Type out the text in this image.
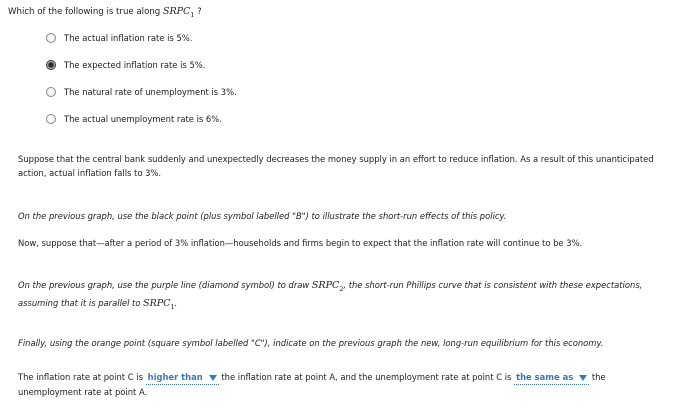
Which of the following is true along $SRPC_1$ ?
The actual inflation rate is 5%.
The expected inflation rate is 5%.
The natural rate of unemployment is 3%.
The actual unemployment rate is 6%.
Suppose that the central bank suddenly and unexpectedly decreases the money supply in an effort to reduce inflation. As a result of this unanticipated
action, actual inflation falls to 3%.
On the previous graph, use the black point (plus symbol labelled "B") to illustrate the short-run effects of this policy.
Now, suppose that—after a period of 3% inflation—households and firms begin to expect that the inflation rate will continue to be 3%.
On the previous graph, use the purple line (diamond symbol) to draw $SRPC_2$, the short-run Phillips curve that is consistent with these expectations,
assuming that it is parallel to $SRPC_1$.
Finally, using the orange point (square symbol labelled "C"), indicate on the previous graph the new, long-run equilibrium for this economy.
The inflation rate at point C is higher than the inflation rate at point A, and the unemployment rate at point C is the same as the
unemployment rate at point A.
